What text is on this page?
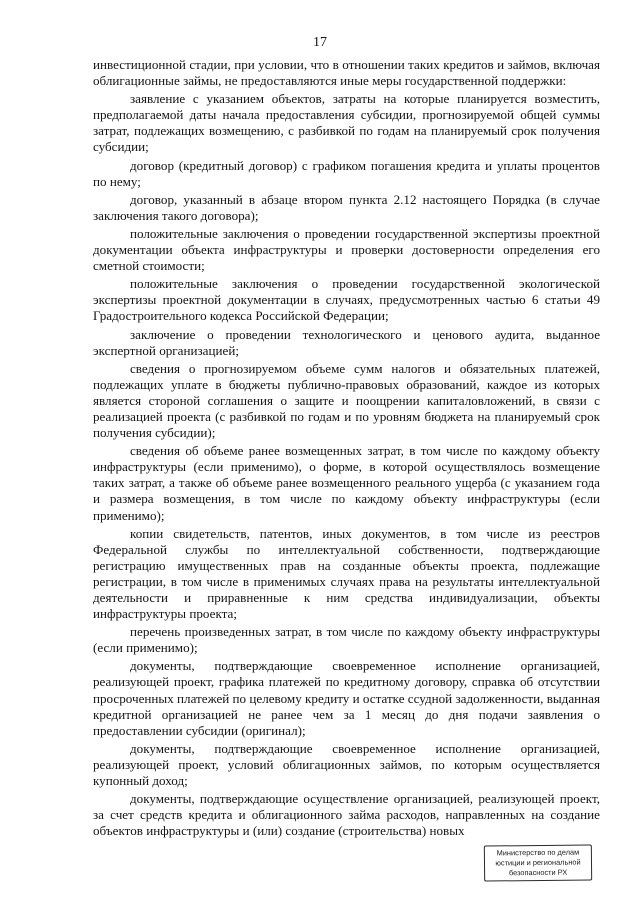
17

инвестиционной стадии, при условии, что в отношении таких кредитов и займов, включая облигационные займы, не предоставляются иные меры государственной поддержки:

заявление с указанием объектов, затраты на которые планируется возместить, предполагаемой даты начала предоставления субсидии, прогнозируемой общей суммы затрат, подлежащих возмещению, с разбивкой по годам на планируемый срок получения субсидии;

договор (кредитный договор) с графиком погашения кредита и уплаты процентов по нему;

договор, указанный в абзаце втором пункта 2.12 настоящего Порядка (в случае заключения такого договора);

положительные заключения о проведении государственной экспертизы проектной документации объекта инфраструктуры и проверки достоверности определения его сметной стоимости;

положительные заключения о проведении государственной экологической экспертизы проектной документации в случаях, предусмотренных частью 6 статьи 49 Градостроительного кодекса Российской Федерации;

заключение о проведении технологического и ценового аудита, выданное экспертной организацией;

сведения о прогнозируемом объеме сумм налогов и обязательных платежей, подлежащих уплате в бюджеты публично-правовых образований, каждое из которых является стороной соглашения о защите и поощрении капиталовложений, в связи с реализацией проекта (с разбивкой по годам и по уровням бюджета на планируемый срок получения субсидии);

сведения об объеме ранее возмещенных затрат, в том числе по каждому объекту инфраструктуры (если применимо), о форме, в которой осуществлялось возмещение таких затрат, а также об объеме ранее возмещенного реального ущерба (с указанием года и размера возмещения, в том числе по каждому объекту инфраструктуры (если применимо);

копии свидетельств, патентов, иных документов, в том числе из реестров Федеральной службы по интеллектуальной собственности, подтверждающие регистрацию имущественных прав на созданные объекты проекта, подлежащие регистрации, в том числе в применимых случаях права на результаты интеллектуальной деятельности и приравненные к ним средства индивидуализации, объекты инфраструктуры проекта;

перечень произведенных затрат, в том числе по каждому объекту инфраструктуры (если применимо);

документы, подтверждающие своевременное исполнение организацией, реализующей проект, графика платежей по кредитному договору, справка об отсутствии просроченных платежей по целевому кредиту и остатке ссудной задолженности, выданная кредитной организацией не ранее чем за 1 месяц до дня подачи заявления о предоставлении субсидии (оригинал);

документы, подтверждающие своевременное исполнение организацией, реализующей проект, условий облигационных займов, по которым осуществляется купонный доход;

документы, подтверждающие осуществление организацией, реализующей проект, за счет средств кредита и облигационного займа расходов, направленных на создание объектов инфраструктуры и (или) создание (строительства) новых

Министерство по делам
юстиции и региональной
безопасности РХ
